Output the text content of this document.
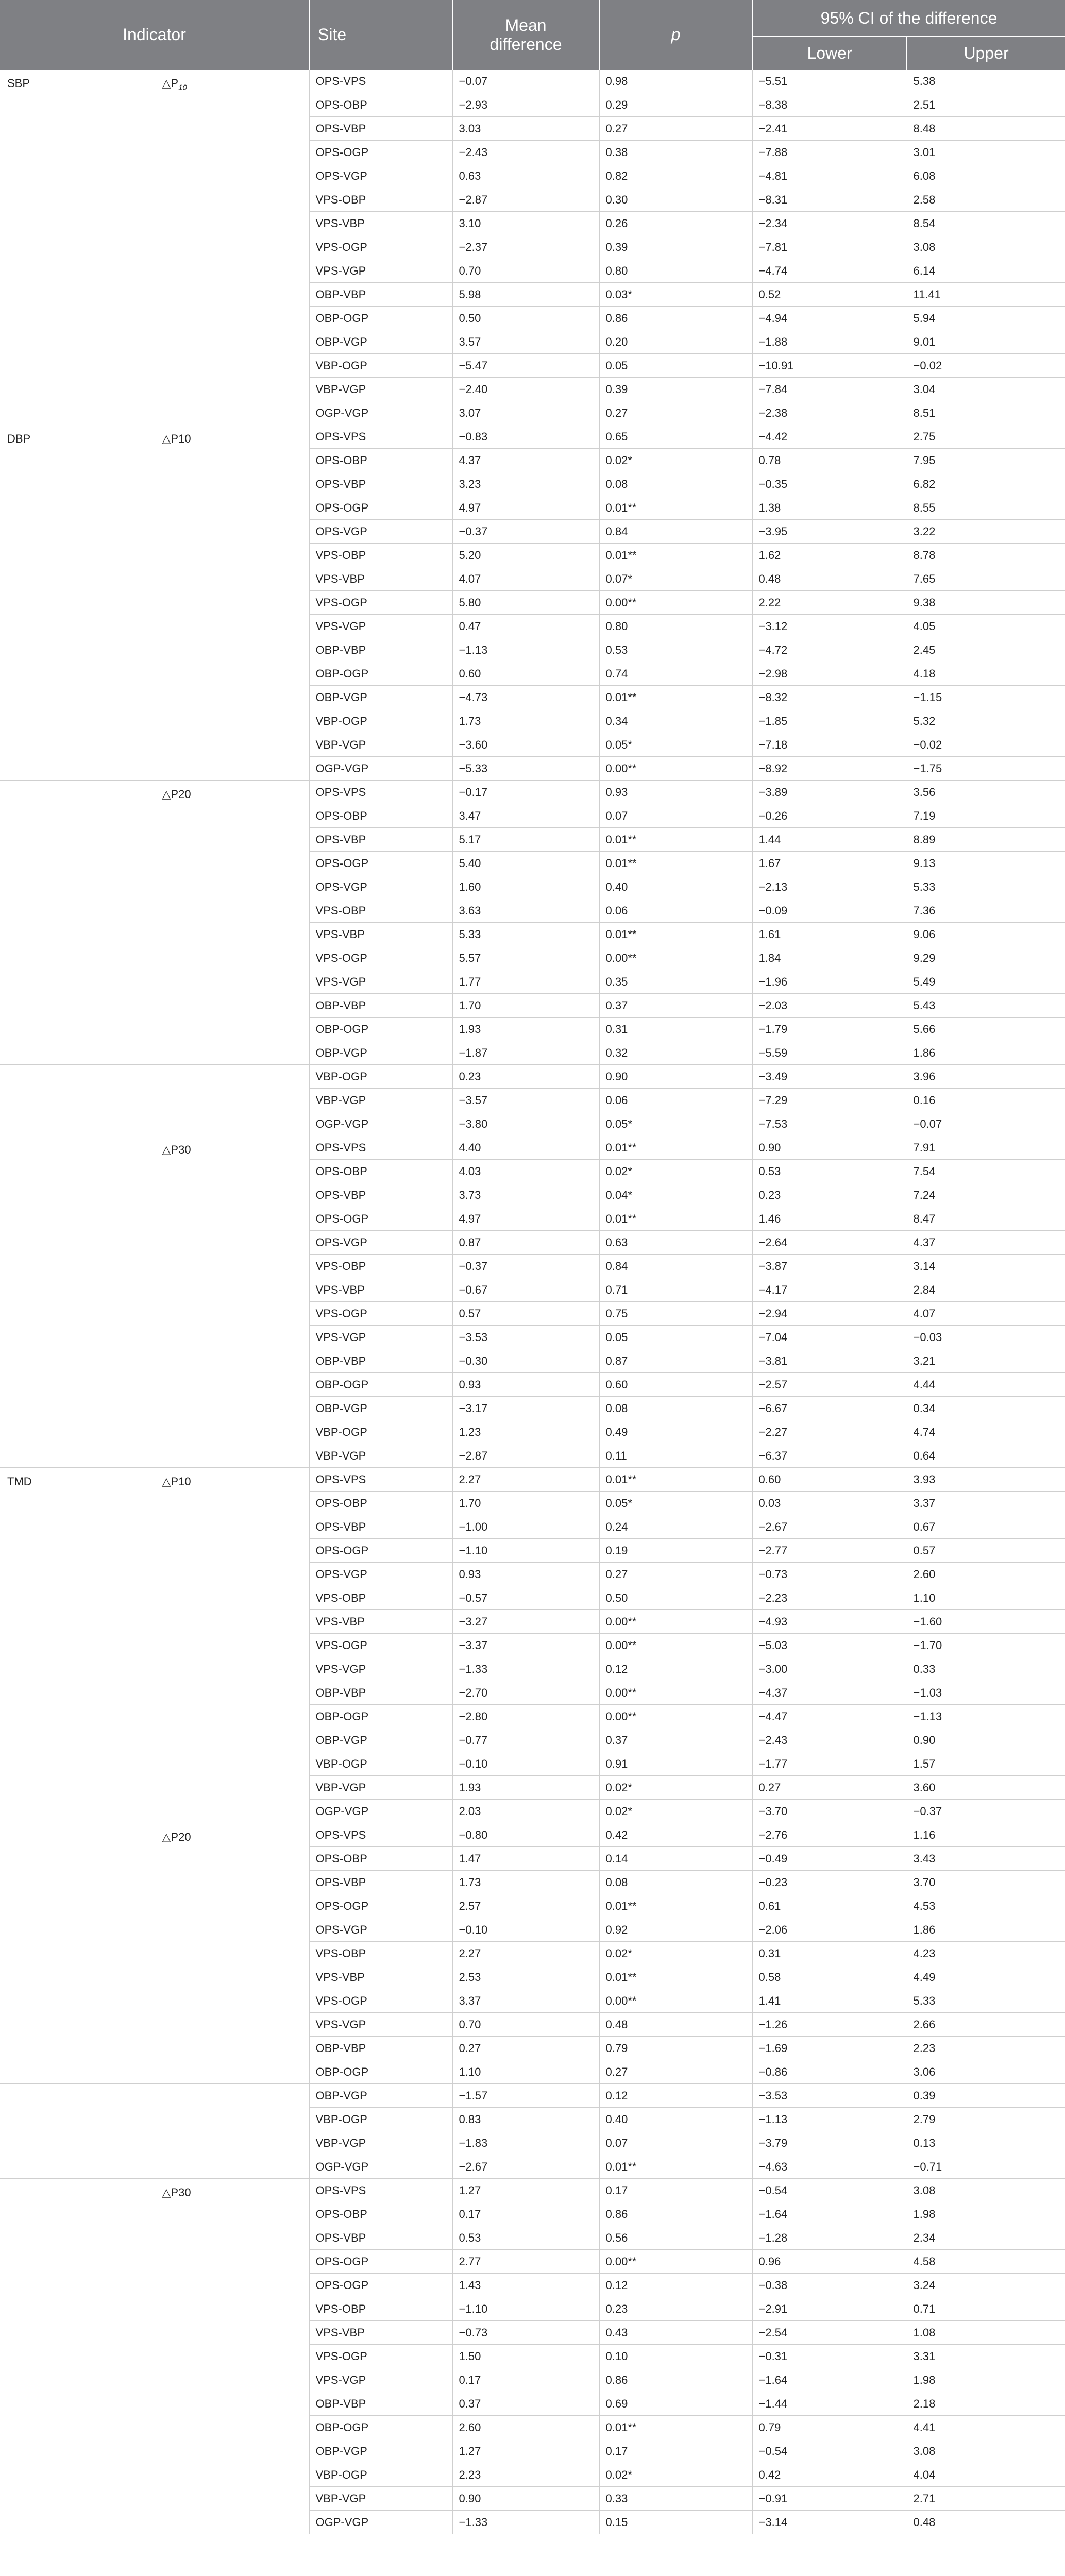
Indicator		Site	Mean
difference	p	95% CI of the difference	
					Lower	Upper
SBP	$\triangle P_{10}$	OPS-VPS	−0.07	0.98	−5.51	5.38
		OPS-OBP	−2.93	0.29	−8.38	2.51
		OPS-VBP	3.03	0.27	−2.41	8.48
		OPS-OGP	−2.43	0.38	−7.88	3.01
		OPS-VGP	0.63	0.82	−4.81	6.08
		VPS-OBP	−2.87	0.30	−8.31	2.58
		VPS-VBP	3.10	0.26	−2.34	8.54
		VPS-OGP	−2.37	0.39	−7.81	3.08
		VPS-VGP	0.70	0.80	−4.74	6.14
		OBP-VBP	5.98	0.03*	0.52	11.41
		OBP-OGP	0.50	0.86	−4.94	5.94
		OBP-VGP	3.57	0.20	−1.88	9.01
		VBP-OGP	−5.47	0.05	−10.91	−0.02
		VBP-VGP	−2.40	0.39	−7.84	3.04
		OGP-VGP	3.07	0.27	−2.38	8.51
DBP	△P10	OPS-VPS	−0.83	0.65	−4.42	2.75
		OPS-OBP	4.37	0.02*	0.78	7.95
		OPS-VBP	3.23	0.08	−0.35	6.82
		OPS-OGP	4.97	0.01**	1.38	8.55
		OPS-VGP	−0.37	0.84	−3.95	3.22
		VPS-OBP	5.20	0.01**	1.62	8.78
		VPS-VBP	4.07	0.07*	0.48	7.65
		VPS-OGP	5.80	0.00**	2.22	9.38
		VPS-VGP	0.47	0.80	−3.12	4.05
		OBP-VBP	−1.13	0.53	−4.72	2.45
		OBP-OGP	0.60	0.74	−2.98	4.18
		OBP-VGP	−4.73	0.01**	−8.32	−1.15
		VBP-OGP	1.73	0.34	−1.85	5.32
		VBP-VGP	−3.60	0.05*	−7.18	−0.02
		OGP-VGP	−5.33	0.00**	−8.92	−1.75
	△P20	OPS-VPS	−0.17	0.93	−3.89	3.56
		OPS-OBP	3.47	0.07	−0.26	7.19
		OPS-VBP	5.17	0.01**	1.44	8.89
		OPS-OGP	5.40	0.01**	1.67	9.13
		OPS-VGP	1.60	0.40	−2.13	5.33
		VPS-OBP	3.63	0.06	−0.09	7.36
		VPS-VBP	5.33	0.01**	1.61	9.06
		VPS-OGP	5.57	0.00**	1.84	9.29
		VPS-VGP	1.77	0.35	−1.96	5.49
		OBP-VBP	1.70	0.37	−2.03	5.43
		OBP-OGP	1.93	0.31	−1.79	5.66
		OBP-VGP	−1.87	0.32	−5.59	1.86
		VBP-OGP	0.23	0.90	−3.49	3.96
		VBP-VGP	−3.57	0.06	−7.29	0.16
		OGP-VGP	−3.80	0.05*	−7.53	−0.07
	△P30	OPS-VPS	4.40	0.01**	0.90	7.91
		OPS-OBP	4.03	0.02*	0.53	7.54
		OPS-VBP	3.73	0.04*	0.23	7.24
		OPS-OGP	4.97	0.01**	1.46	8.47
		OPS-VGP	0.87	0.63	−2.64	4.37
		VPS-OBP	−0.37	0.84	−3.87	3.14
		VPS-VBP	−0.67	0.71	−4.17	2.84
		VPS-OGP	0.57	0.75	−2.94	4.07
		VPS-VGP	−3.53	0.05	−7.04	−0.03
		OBP-VBP	−0.30	0.87	−3.81	3.21
		OBP-OGP	0.93	0.60	−2.57	4.44
		OBP-VGP	−3.17	0.08	−6.67	0.34
		VBP-OGP	1.23	0.49	−2.27	4.74
		VBP-VGP	−2.87	0.11	−6.37	0.64
TMD	△P10	OPS-VPS	2.27	0.01**	0.60	3.93
		OPS-OBP	1.70	0.05*	0.03	3.37
		OPS-VBP	−1.00	0.24	−2.67	0.67
		OPS-OGP	−1.10	0.19	−2.77	0.57
		OPS-VGP	0.93	0.27	−0.73	2.60
		VPS-OBP	−0.57	0.50	−2.23	1.10
		VPS-VBP	−3.27	0.00**	−4.93	−1.60
		VPS-OGP	−3.37	0.00**	−5.03	−1.70
		VPS-VGP	−1.33	0.12	−3.00	0.33
		OBP-VBP	−2.70	0.00**	−4.37	−1.03
		OBP-OGP	−2.80	0.00**	−4.47	−1.13
		OBP-VGP	−0.77	0.37	−2.43	0.90
		VBP-OGP	−0.10	0.91	−1.77	1.57
		VBP-VGP	1.93	0.02*	0.27	3.60
		OGP-VGP	2.03	0.02*	−3.70	−0.37
	△P20	OPS-VPS	−0.80	0.42	−2.76	1.16
		OPS-OBP	1.47	0.14	−0.49	3.43
		OPS-VBP	1.73	0.08	−0.23	3.70
		OPS-OGP	2.57	0.01**	0.61	4.53
		OPS-VGP	−0.10	0.92	−2.06	1.86
		VPS-OBP	2.27	0.02*	0.31	4.23
		VPS-VBP	2.53	0.01**	0.58	4.49
		VPS-OGP	3.37	0.00**	1.41	5.33
		VPS-VGP	0.70	0.48	−1.26	2.66
		OBP-VBP	0.27	0.79	−1.69	2.23
		OBP-OGP	1.10	0.27	−0.86	3.06
		OBP-VGP	−1.57	0.12	−3.53	0.39
		VBP-OGP	0.83	0.40	−1.13	2.79
		VBP-VGP	−1.83	0.07	−3.79	0.13
		OGP-VGP	−2.67	0.01**	−4.63	−0.71
	△P30	OPS-VPS	1.27	0.17	−0.54	3.08
		OPS-OBP	0.17	0.86	−1.64	1.98
		OPS-VBP	0.53	0.56	−1.28	2.34
		OPS-OGP	2.77	0.00**	0.96	4.58
		OPS-OGP	1.43	0.12	−0.38	3.24
		VPS-OBP	−1.10	0.23	−2.91	0.71
		VPS-VBP	−0.73	0.43	−2.54	1.08
		VPS-OGP	1.50	0.10	−0.31	3.31
		VPS-VGP	0.17	0.86	−1.64	1.98
		OBP-VBP	0.37	0.69	−1.44	2.18
		OBP-OGP	2.60	0.01**	0.79	4.41
		OBP-VGP	1.27	0.17	−0.54	3.08
		VBP-OGP	2.23	0.02*	0.42	4.04
		VBP-VGP	0.90	0.33	−0.91	2.71
		OGP-VGP	−1.33	0.15	−3.14	0.48
